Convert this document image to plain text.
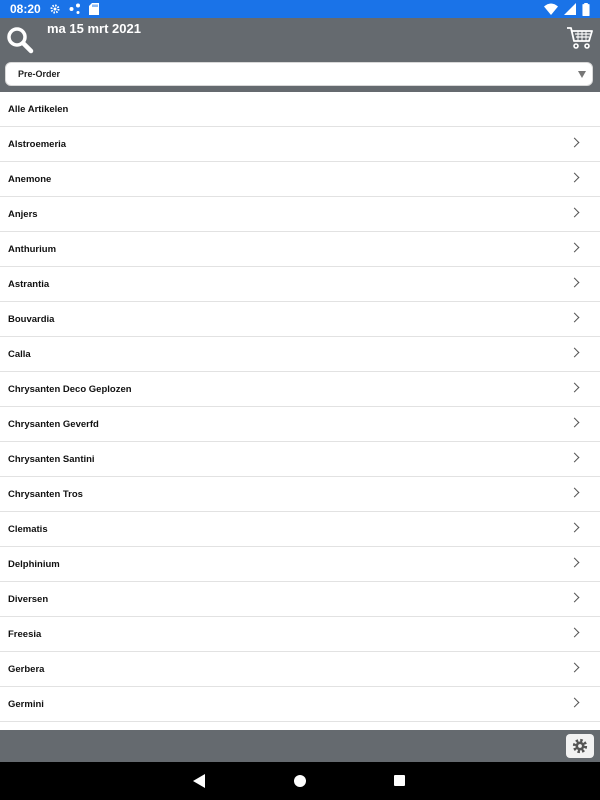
08:20
ma 15 mrt 2021
Pre-Order
Alle Artikelen
Alstroemeria
Anemone
Anjers
Anthurium
Astrantia
Bouvardia
Calla
Chrysanten Deco Geplozen
Chrysanten Geverfd
Chrysanten Santini
Chrysanten Tros
Clematis
Delphinium
Diversen
Freesia
Gerbera
Germini
